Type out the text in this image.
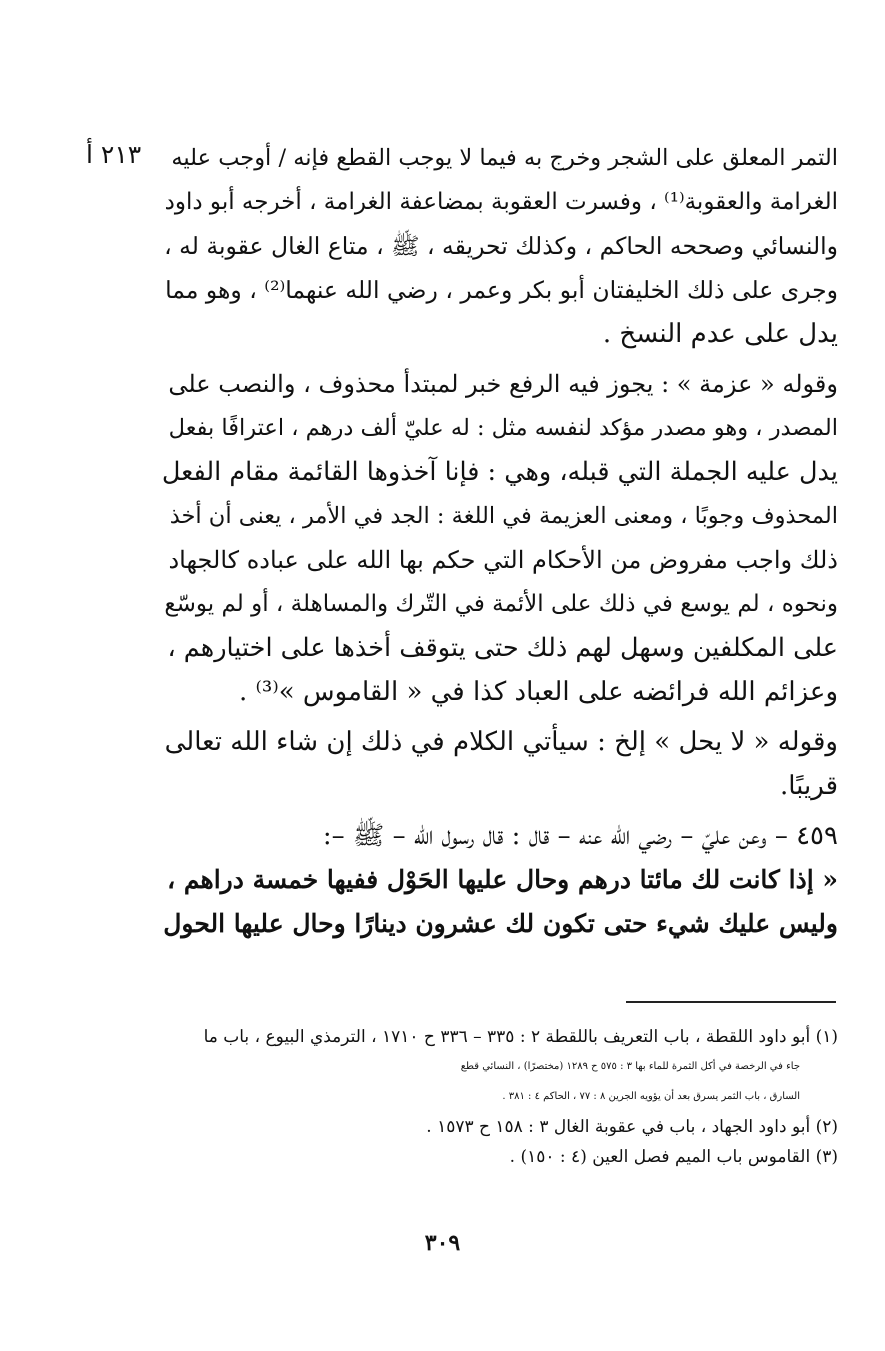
٢١٣ أ	التمر المعلق على الشجر وخرج به فيما لا يوجب القطع فإنه / أوجب عليه
الغرامة والعقوبة⁽¹⁾ ، وفسرت العقوبة بمضاعفة الغرامة ، أخرجه أبو داود
والنسائي وصححه الحاكم ، وكذلك تحريقه ، ﷺ ، متاع الغال عقوبة له ،
وجرى على ذلك الخليفتان أبو بكر وعمر ، رضي الله عنهما⁽²⁾ ، وهو مما
يدل على عدم النسخ .
وقوله « عزمة » : يجوز فيه الرفع خبر لمبتدأ محذوف ، والنصب على
المصدر ، وهو مصدر مؤكد لنفسه مثل : له عليّ ألف درهم ، اعترافًا بفعل
يدل عليه الجملة التي قبله، وهي : فإنا آخذوها القائمة مقام الفعل
المحذوف وجوبًا ، ومعنى العزيمة في اللغة : الجد في الأمر ، يعنى أن أخذ
ذلك واجب مفروض من الأحكام التي حكم بها الله على عباده كالجهاد
ونحوه ، لم يوسع في ذلك على الأئمة في التّرك والمساهلة ، أو لم يوسّع
على المكلفين وسهل لهم ذلك حتى يتوقف أخذها على اختيارهم ،
وعزائم الله فرائضه على العباد كذا في « القاموس »⁽³⁾ .
وقوله « لا يحل » إلخ : سيأتي الكلام في ذلك إن شاء الله تعالى
قريبًا.
٤٥٩ – وعن عليّ – رضي الله عنه – قال : قال رسول الله – ﷺ –:
« إذا كانت لك مائتا درهم وحال عليها الحَوْل ففيها خمسة دراهم ،
وليس عليك شيء حتى تكون لك عشرون دينارًا وحال عليها الحول
(١) أبو داود اللقطة ، باب التعريف باللقطة ٢ : ٣٣٥ – ٣٣٦ ح ١٧١٠ ، الترمذي البيوع ، باب ما
جاء في الرخصة في أكل الثمرة للماء بها ٣ : ٥٧٥ ح ١٢٨٩ (مختصرًا) ، النسائي قطع
السارق ، باب الثمر يسرق بعد أن يؤويه الجرين ٨ : ٧٧ ، الحاكم ٤ : ٣٨١ .
(٢) أبو داود الجهاد ، باب في عقوبة الغال ٣ : ١٥٨ ح ١٥٧٣ .
(٣) القاموس باب الميم فصل العين (٤ : ١٥٠) .
٣٠٩
